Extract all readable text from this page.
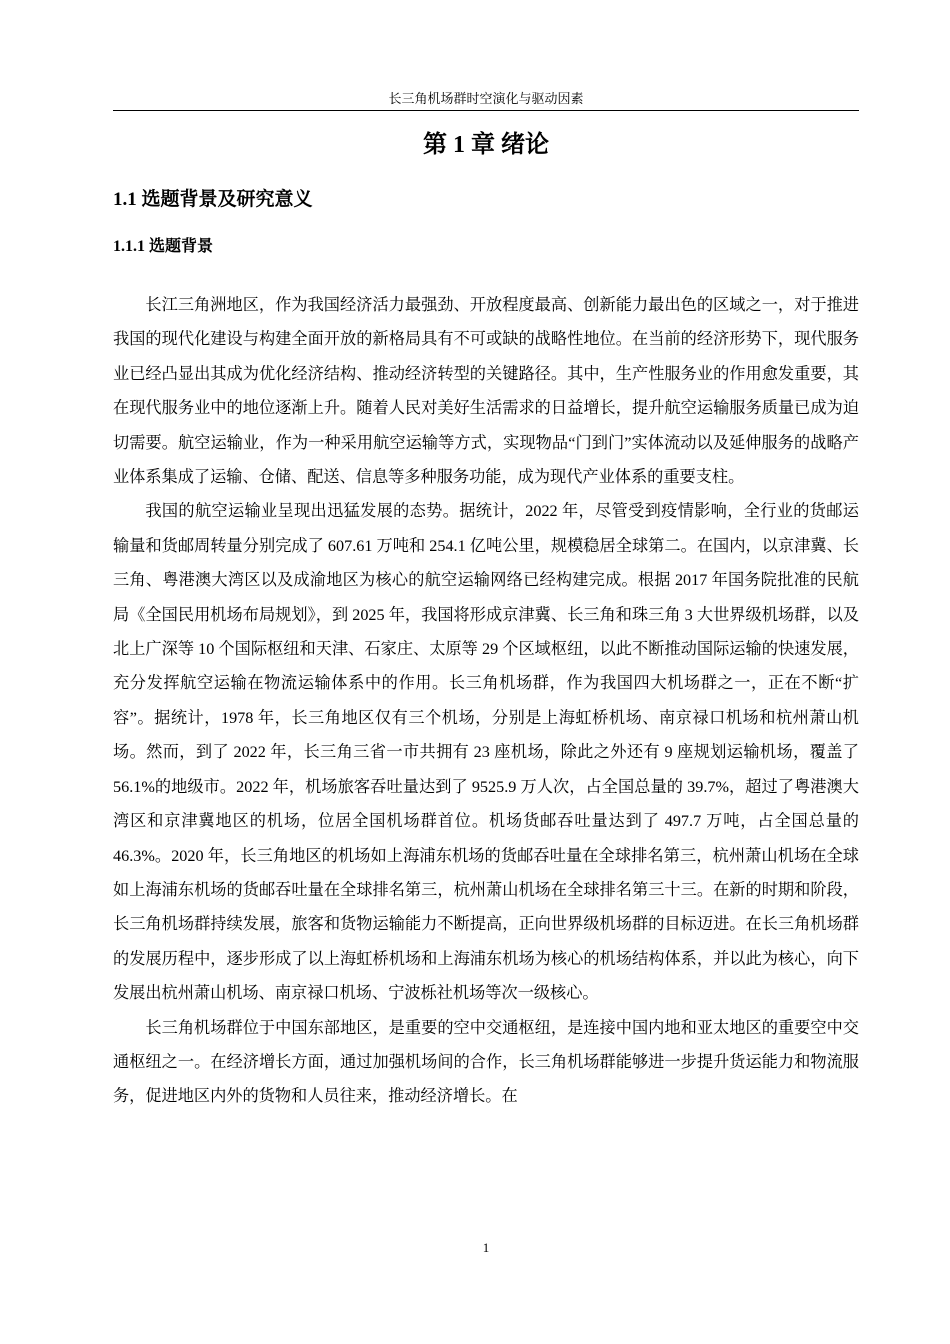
长三角机场群时空演化与驱动因素
第 1 章 绪论
1.1 选题背景及研究意义
1.1.1 选题背景

长江三角洲地区，作为我国经济活力最强劲、开放程度最高、创新能力最出色的区域之一，对于推进我国的现代化建设与构建全面开放的新格局具有不可或缺的战略性地位。在当前的经济形势下，现代服务业已经凸显出其成为优化经济结构、推动经济转型的关键路径。其中，生产性服务业的作用愈发重要，其在现代服务业中的地位逐渐上升。随着人民对美好生活需求的日益增长，提升航空运输服务质量已成为迫切需要。航空运输业，作为一种采用航空运输等方式，实现物品“门到门”实体流动以及延伸服务的战略产业体系集成了运输、仓储、配送、信息等多种服务功能，成为现代产业体系的重要支柱。

我国的航空运输业呈现出迅猛发展的态势。据统计，2022 年，尽管受到疫情影响，全行业的货邮运输量和货邮周转量分别完成了 607.61 万吨和 254.1 亿吨公里，规模稳居全球第二。在国内，以京津冀、长三角、粤港澳大湾区以及成渝地区为核心的航空运输网络已经构建完成。根据 2017 年国务院批准的民航局《全国民用机场布局规划》，到 2025 年，我国将形成京津冀、长三角和珠三角 3 大世界级机场群，以及北上广深等 10 个国际枢纽和天津、石家庄、太原等 29 个区域枢纽，以此不断推动国际运输的快速发展，充分发挥航空运输在物流运输体系中的作用。长三角机场群，作为我国四大机场群之一，正在不断“扩容”。据统计，1978 年，长三角地区仅有三个机场，分别是上海虹桥机场、南京禄口机场和杭州萧山机场。然而，到了 2022 年，长三角三省一市共拥有 23 座机场，除此之外还有 9 座规划运输机场，覆盖了 56.1%的地级市。2022 年，机场旅客吞吐量达到了 9525.9 万人次，占全国总量的 39.7%，超过了粤港澳大湾区和京津冀地区的机场，位居全国机场群首位。机场货邮吞吐量达到了 497.7 万吨，占全国总量的 46.3%。2020 年，长三角地区的机场如上海浦东机场的货邮吞吐量在全球排名第三，杭州萧山机场在全球如上海浦东机场的货邮吞吐量在全球排名第三，杭州萧山机场在全球排名第三十三。在新的时期和阶段，长三角机场群持续发展，旅客和货物运输能力不断提高，正向世界级机场群的目标迈进。在长三角机场群的发展历程中，逐步形成了以上海虹桥机场和上海浦东机场为核心的机场结构体系，并以此为核心，向下发展出杭州萧山机场、南京禄口机场、宁波栎社机场等次一级核心。

长三角机场群位于中国东部地区，是重要的空中交通枢纽，是连接中国内地和亚太地区的重要空中交通枢纽之一。在经济增长方面，通过加强机场间的合作，长三角机场群能够进一步提升货运能力和物流服务，促进地区内外的货物和人员往来，推动经济增长。在

1
